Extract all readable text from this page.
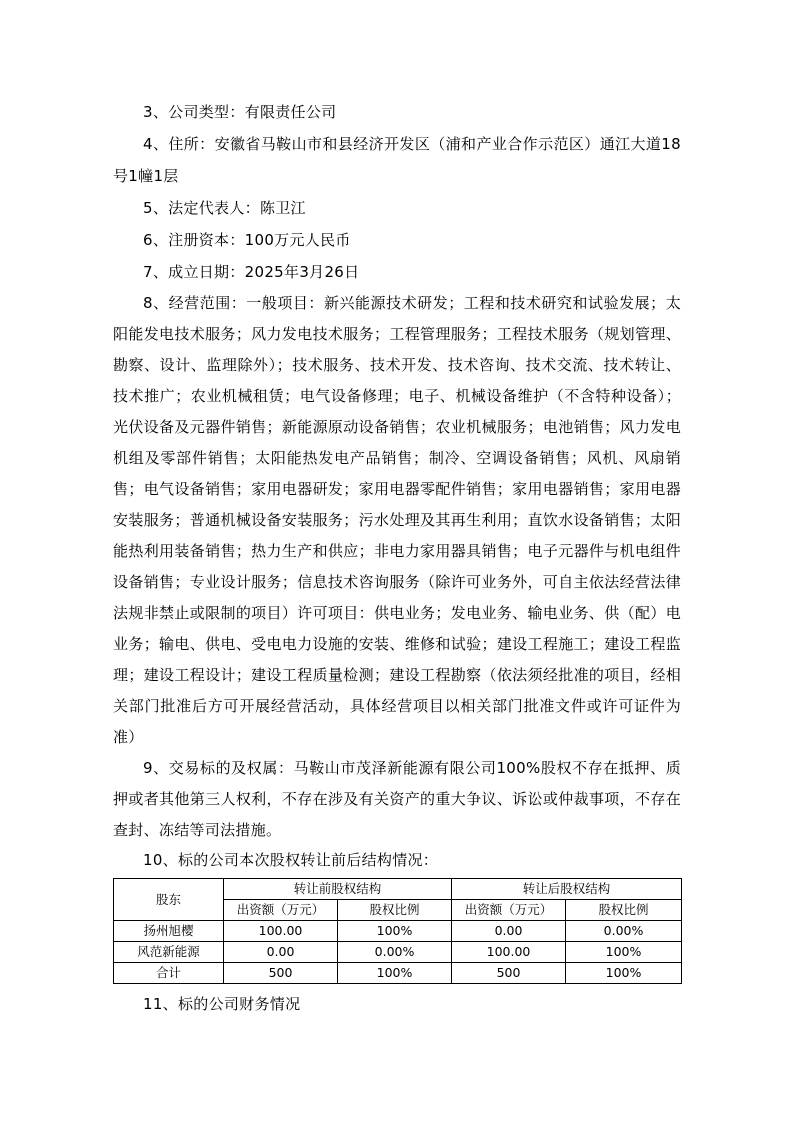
3、公司类型：有限责任公司

4、住所：安徽省马鞍山市和县经济开发区（浦和产业合作示范区）通江大道18号1幢1层

5、法定代表人：陈卫江

6、注册资本：100万元人民币

7、成立日期：2025年3月26日

8、经营范围：一般项目：新兴能源技术研发；工程和技术研究和试验发展；太阳能发电技术服务；风力发电技术服务；工程管理服务；工程技术服务（规划管理、勘察、设计、监理除外）；技术服务、技术开发、技术咨询、技术交流、技术转让、技术推广；农业机械租赁；电气设备修理；电子、机械设备维护（不含特种设备）；光伏设备及元器件销售；新能源原动设备销售；农业机械服务；电池销售；风力发电机组及零部件销售；太阳能热发电产品销售；制冷、空调设备销售；风机、风扇销售；电气设备销售；家用电器研发；家用电器零配件销售；家用电器销售；家用电器安装服务；普通机械设备安装服务；污水处理及其再生利用；直饮水设备销售；太阳能热利用装备销售；热力生产和供应；非电力家用器具销售；电子元器件与机电组件设备销售；专业设计服务；信息技术咨询服务（除许可业务外，可自主依法经营法律法规非禁止或限制的项目）许可项目：供电业务；发电业务、输电业务、供（配）电业务；输电、供电、受电电力设施的安装、维修和试验；建设工程施工；建设工程监理；建设工程设计；建设工程质量检测；建设工程勘察（依法须经批准的项目，经相关部门批准后方可开展经营活动，具体经营项目以相关部门批准文件或许可证件为准）

9、交易标的及权属：马鞍山市茂泽新能源有限公司100%股权不存在抵押、质押或者其他第三人权利，不存在涉及有关资产的重大争议、诉讼或仲裁事项，不存在查封、冻结等司法措施。

10、标的公司本次股权转让前后结构情况：

股东	转让前股权结构		转让后股权结构	
	出资额（万元）	股权比例	出资额（万元）	股权比例
扬州旭樱	100.00	100%	0.00	0.00%
风范新能源	0.00	0.00%	100.00	100%
合计	500	100%	500	100%

11、标的公司财务情况
